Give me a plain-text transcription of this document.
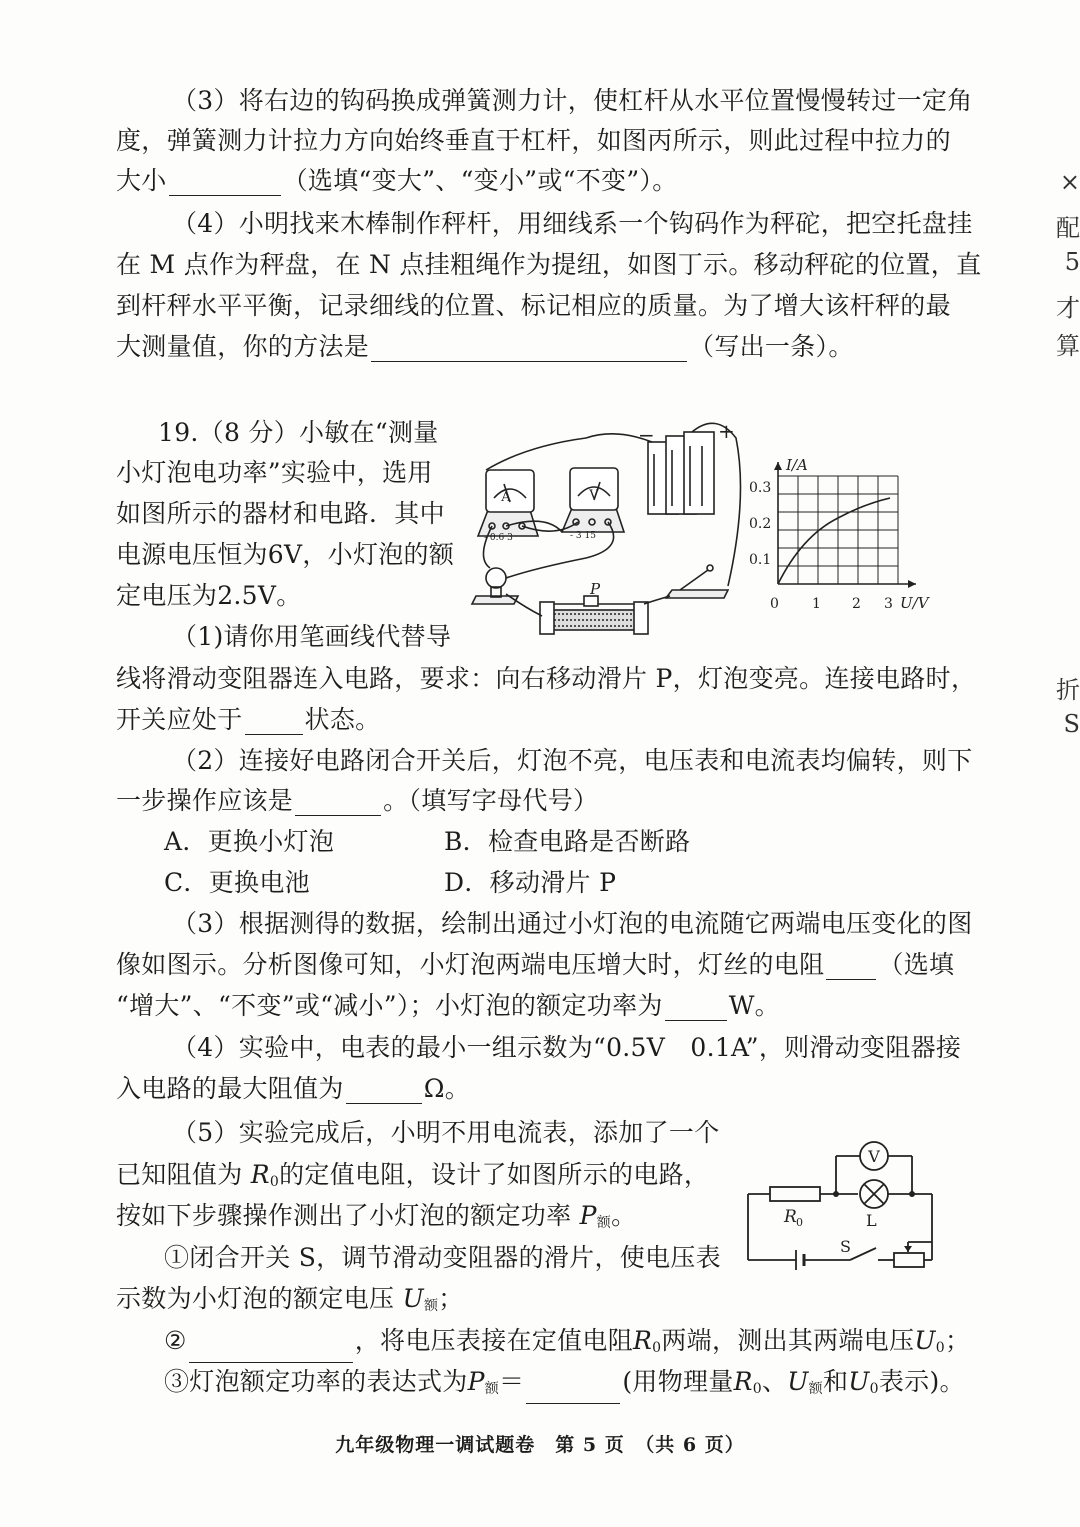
（3）将右边的钩码换成弹簧测力计，使杠杆从水平位置慢慢转过一定角
度，弹簧测力计拉力方向始终垂直于杠杆，如图丙所示，则此过程中拉力的
大小	（选填“变大”、“变小”或“不变”）。
（4）小明找来木棒制作秤杆，用细线系一个钩码作为秤砣，把空托盘挂
在 M 点作为秤盘，在 N 点挂粗绳作为提纽，如图丁示。移动秤砣的位置，直
到杆秤水平平衡，记录细线的位置、标记相应的质量。为了增大该杆秤的最
大测量值，你的方法是	（写出一条）。
19.（8 分）小敏在“测量
小灯泡电功率”实验中，选用
如图所示的器材和电路．其中
电源电压恒为6V，小灯泡的额
定电压为2.5V。
（1)请你用笔画线代替导
A	V
- 0.6 3	- 3 15
−	+
P
I/A
U/V
0.3
0.2
0.1
0 1 2 3
线将滑动变阻器连入电路，要求：向右移动滑片 P，灯泡变亮。连接电路时，
开关应处于 状态。
（2）连接好电路闭合开关后，灯泡不亮，电压表和电流表均偏转，则下
一步操作应该是	。（填写字母代号）
A．更换小灯泡	B．检查电路是否断路
C．更换电池	D．移动滑片 P
（3）根据测得的数据，绘制出通过小灯泡的电流随它两端电压变化的图
像如图示。分析图像可知，小灯泡两端电压增大时，灯丝的电阻 （选填
“增大”、“不变”或“减小”）；小灯泡的额定功率为	W。
（4）实验中，电表的最小一组示数为“0.5V　0.1A”，则滑动变阻器接
入电路的最大阻值为	Ω。
（5）实验完成后，小明不用电流表，添加了一个
已知阻值为 $R_0$的定值电阻，设计了如图所示的电路，
按如下步骤操作测出了小灯泡的额定功率 $P_额$。
①闭合开关 S，调节滑动变阻器的滑片，使电压表
示数为小灯泡的额定电压 $U_额$；
②	，将电压表接在定值电阻$R_0$两端，测出其两端电压$U_0$；
③灯泡额定功率的表达式为$P_额=$	(用物理量$R_0$、$U_额$和$U_0$表示)。
V
R 0	L
S
×
配
5
才
算
折
S
九年级物理一调试题卷　第 5 页　（共 6 页）
